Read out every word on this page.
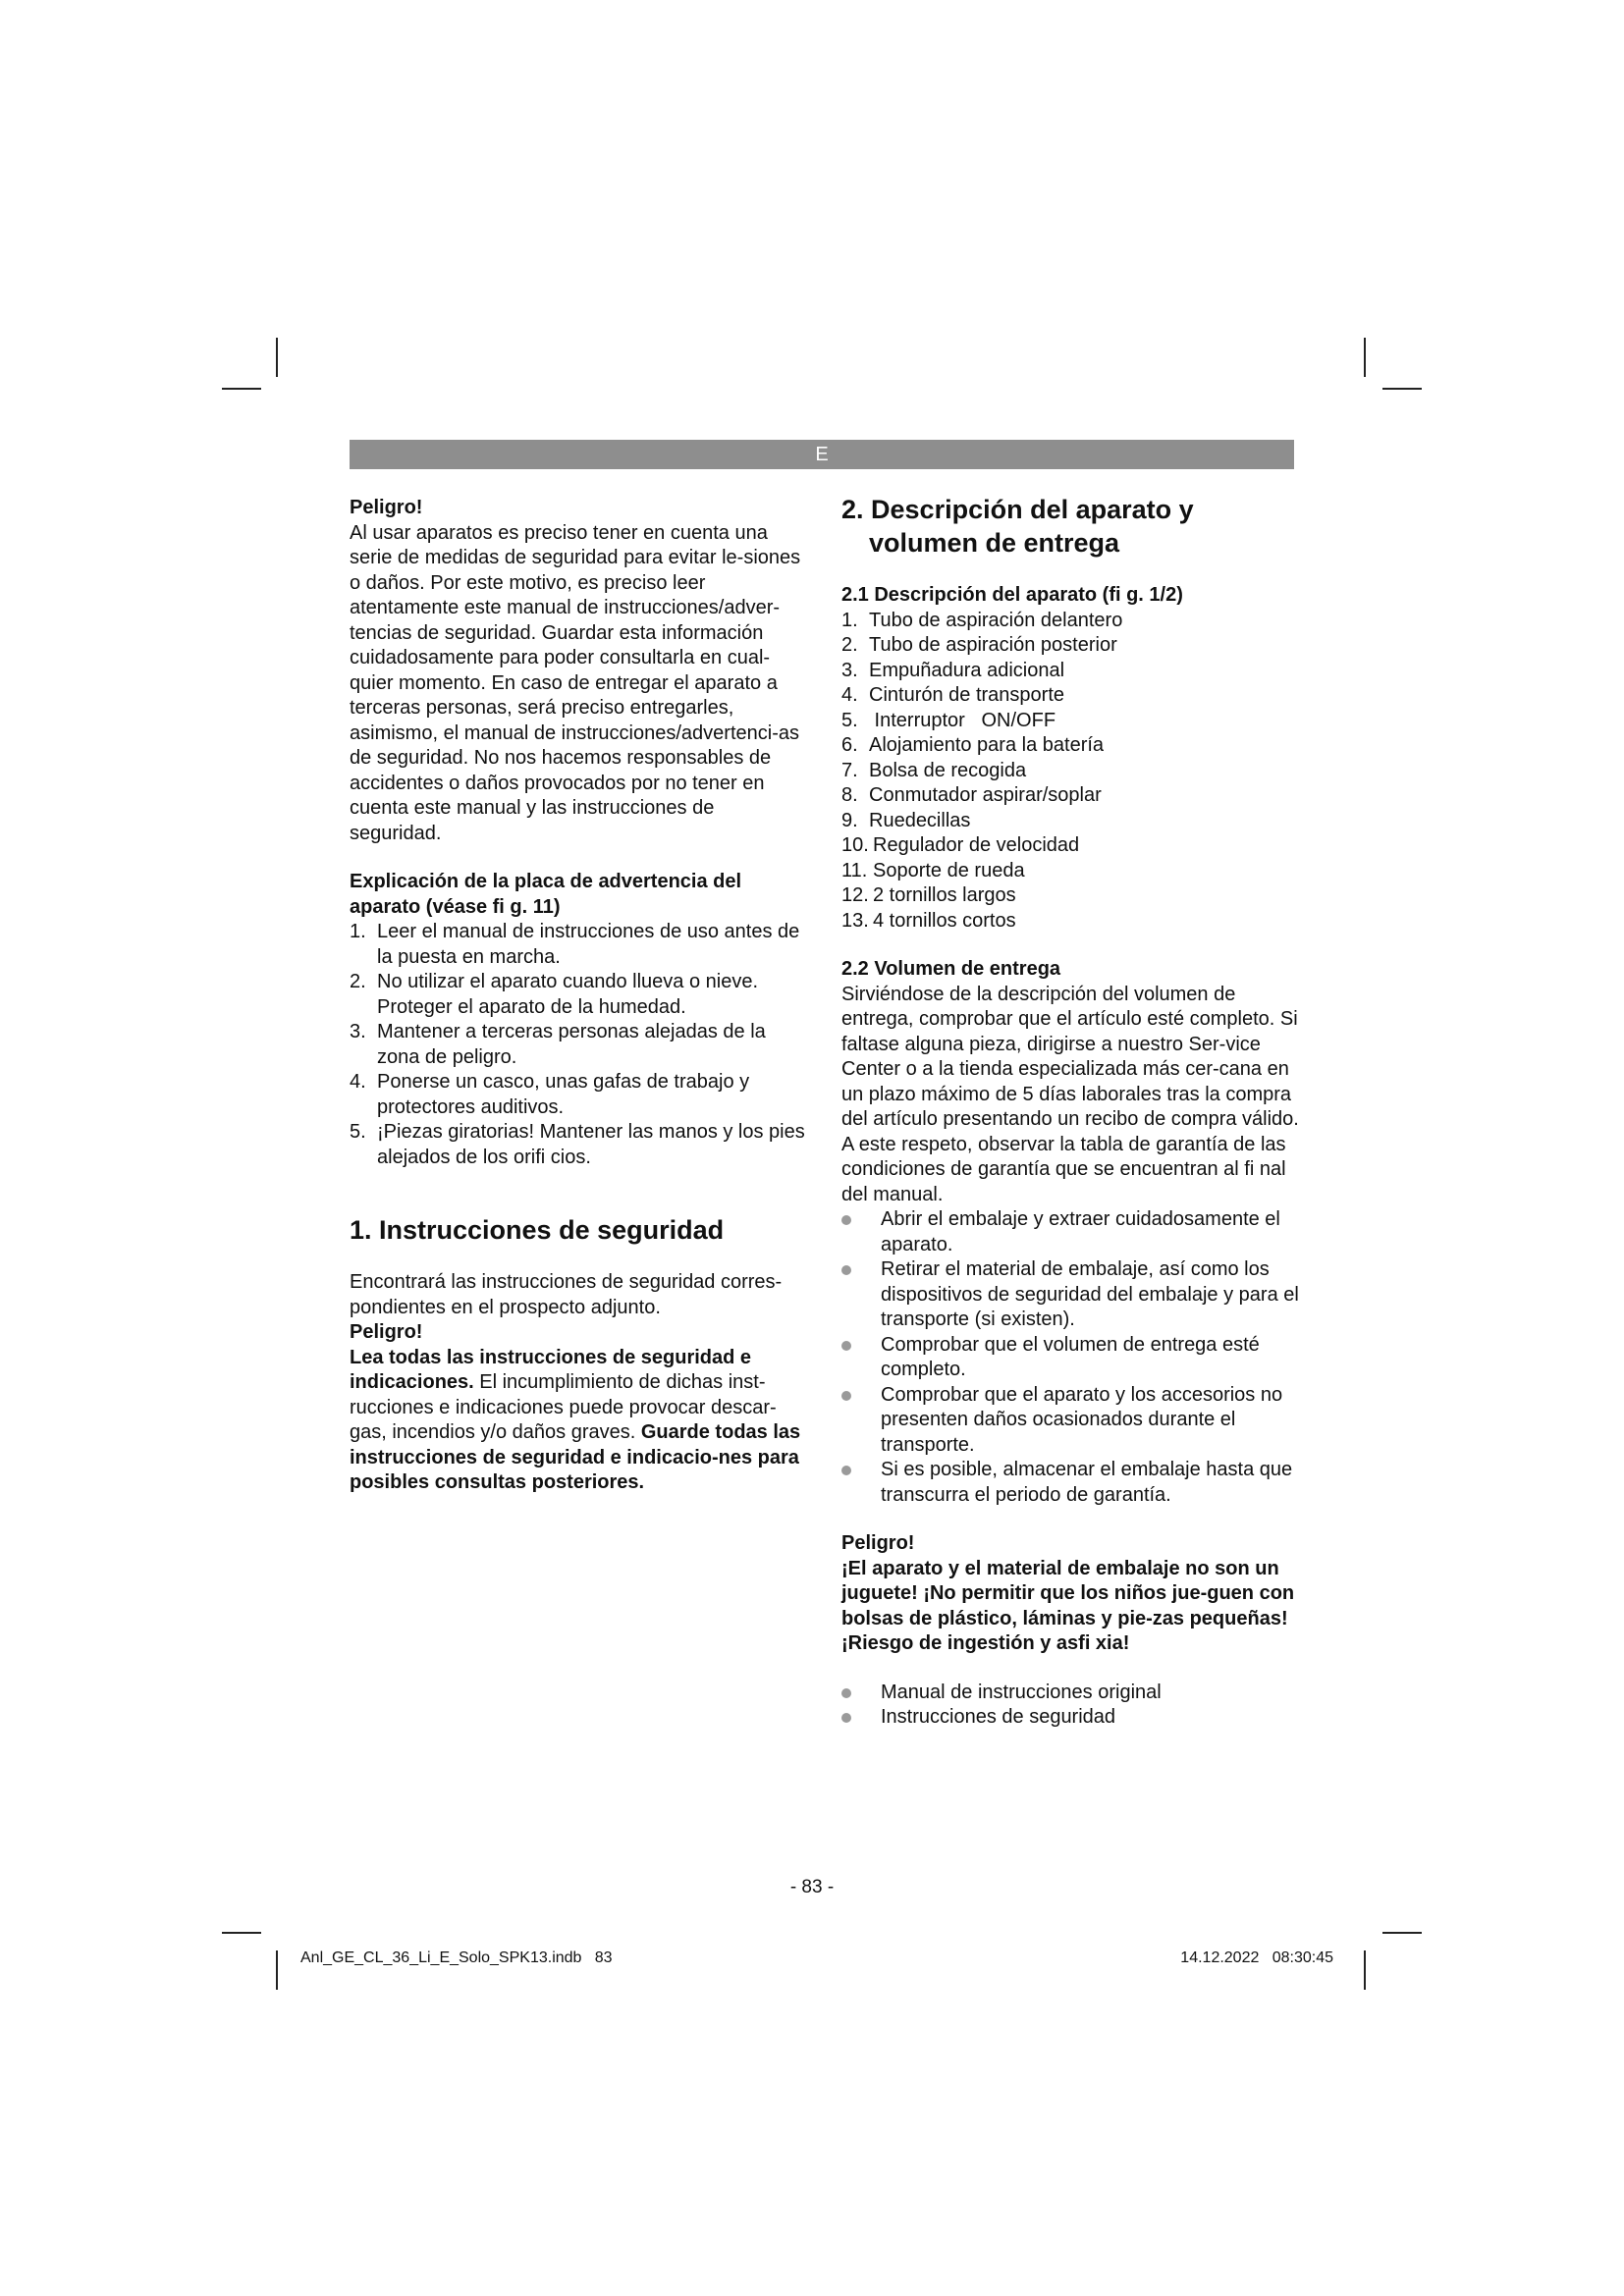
E

Peligro!

Al usar aparatos es preciso tener en cuenta una serie de medidas de seguridad para evitar le-siones o daños. Por este motivo, es preciso leer atentamente este manual de instrucciones/adver-tencias de seguridad. Guardar esta información cuidadosamente para poder consultarla en cual-quier momento. En caso de entregar el aparato a terceras personas, será preciso entregarles, asimismo, el manual de instrucciones/advertenci-as de seguridad. No nos hacemos responsables de accidentes o daños provocados por no tener en cuenta este manual y las instrucciones de seguridad.

Explicación de la placa de advertencia del aparato (véase fi g. 11)

1. Leer el manual de instrucciones de uso antes de la puesta en marcha.
2. No utilizar el aparato cuando llueva o nieve. Proteger el aparato de la humedad.
3. Mantener a terceras personas alejadas de la zona de peligro.
4. Ponerse un casco, unas gafas de trabajo y protectores auditivos.
5. ¡Piezas giratorias! Mantener las manos y los pies alejados de los orifi cios.

1. Instrucciones de seguridad

Encontrará las instrucciones de seguridad corres-pondientes en el prospecto adjunto.

Peligro!

Lea todas las instrucciones de seguridad e indicaciones. El incumplimiento de dichas inst-rucciones e indicaciones puede provocar descar-gas, incendios y/o daños graves. Guarde todas las instrucciones de seguridad e indicacio-nes para posibles consultas posteriores.

2. Descripción del aparato y volumen de entrega

2.1 Descripción del aparato (fi g. 1/2)

1. Tubo de aspiración delantero
2. Tubo de aspiración posterior
3. Empuñadura adicional
4. Cinturón de transporte
5. Interruptor   ON/OFF
6. Alojamiento para la batería
7. Bolsa de recogida
8. Conmutador aspirar/soplar
9. Ruedecillas
10. Regulador de velocidad
11. Soporte de rueda
12. 2 tornillos largos
13. 4 tornillos cortos

2.2 Volumen de entrega

Sirviéndose de la descripción del volumen de entrega, comprobar que el artículo esté completo. Si faltase alguna pieza, dirigirse a nuestro Ser-vice Center o a la tienda especializada más cer-cana en un plazo máximo de 5 días laborales tras la compra del artículo presentando un recibo de compra válido. A este respeto, observar la tabla de garantía de las condiciones de garantía que se encuentran al fi nal del manual.

Abrir el embalaje y extraer cuidadosamente el aparato.
Retirar el material de embalaje, así como los dispositivos de seguridad del embalaje y para el transporte (si existen).
Comprobar que el volumen de entrega esté completo.
Comprobar que el aparato y los accesorios no presenten daños ocasionados durante el transporte.
Si es posible, almacenar el embalaje hasta que transcurra el periodo de garantía.

Peligro!

¡El aparato y el material de embalaje no son un juguete! ¡No permitir que los niños jue-guen con bolsas de plástico, láminas y pie-zas pequeñas! ¡Riesgo de ingestión y asfi xia!

Manual de instrucciones original
Instrucciones de seguridad
- 83 -
Anl_GE_CL_36_Li_E_Solo_SPK13.indb   83	14.12.2022   08:30:45
